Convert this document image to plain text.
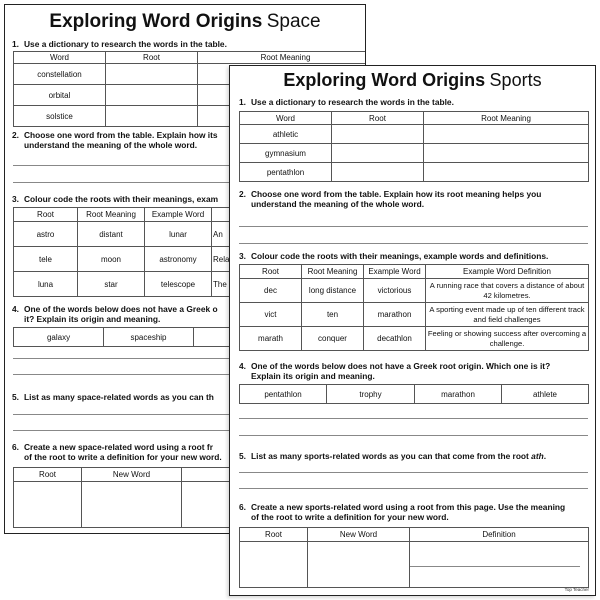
Exploring Word Origins Space
1. Use a dictionary to research the words in the table.
Word	Root	Root Meaning
constellation		
orbital		
solstice		
2. Choose one word from the table. Explain how its
understand the meaning of the whole word.
3. Colour code the roots with their meanings, exam
Root	Root Meaning	Example Word	
astro	distant	lunar	An
tele	moon	astronomy	Rela
luna	star	telescope	The
4. One of the words below does not have a Greek o
it? Explain its origin and meaning.
galaxy	spaceship	
5. List as many space-related words as you can th
6. Create a new space-related word using a root fr
of the root to write a definition for your new word.
Root	New Word	

Exploring Word Origins Sports
1. Use a dictionary to research the words in the table.
Word	Root	Root Meaning
athletic		
gymnasium		
pentathlon		
2. Choose one word from the table. Explain how its root meaning helps you
understand the meaning of the whole word.
3. Colour code the roots with their meanings, example words and definitions.
Root	Root Meaning	Example Word	Example Word Definition
dec	long distance	victorious	A running race that covers a distance of about 42 kilometres.
vict	ten	marathon	A sporting event made up of ten different track and field challenges
marath	conquer	decathlon	Feeling or showing success after overcoming a challenge.
4. One of the words below does not have a Greek root origin. Which one is it?
Explain its origin and meaning.
pentathlon	trophy	marathon	athlete
5. List as many sports-related words as you can that come from the root ath.
6. Create a new sports-related word using a root from this page. Use the meaning
of the root to write a definition for your new word.
Root	New Word	Definition

Top Teacher
